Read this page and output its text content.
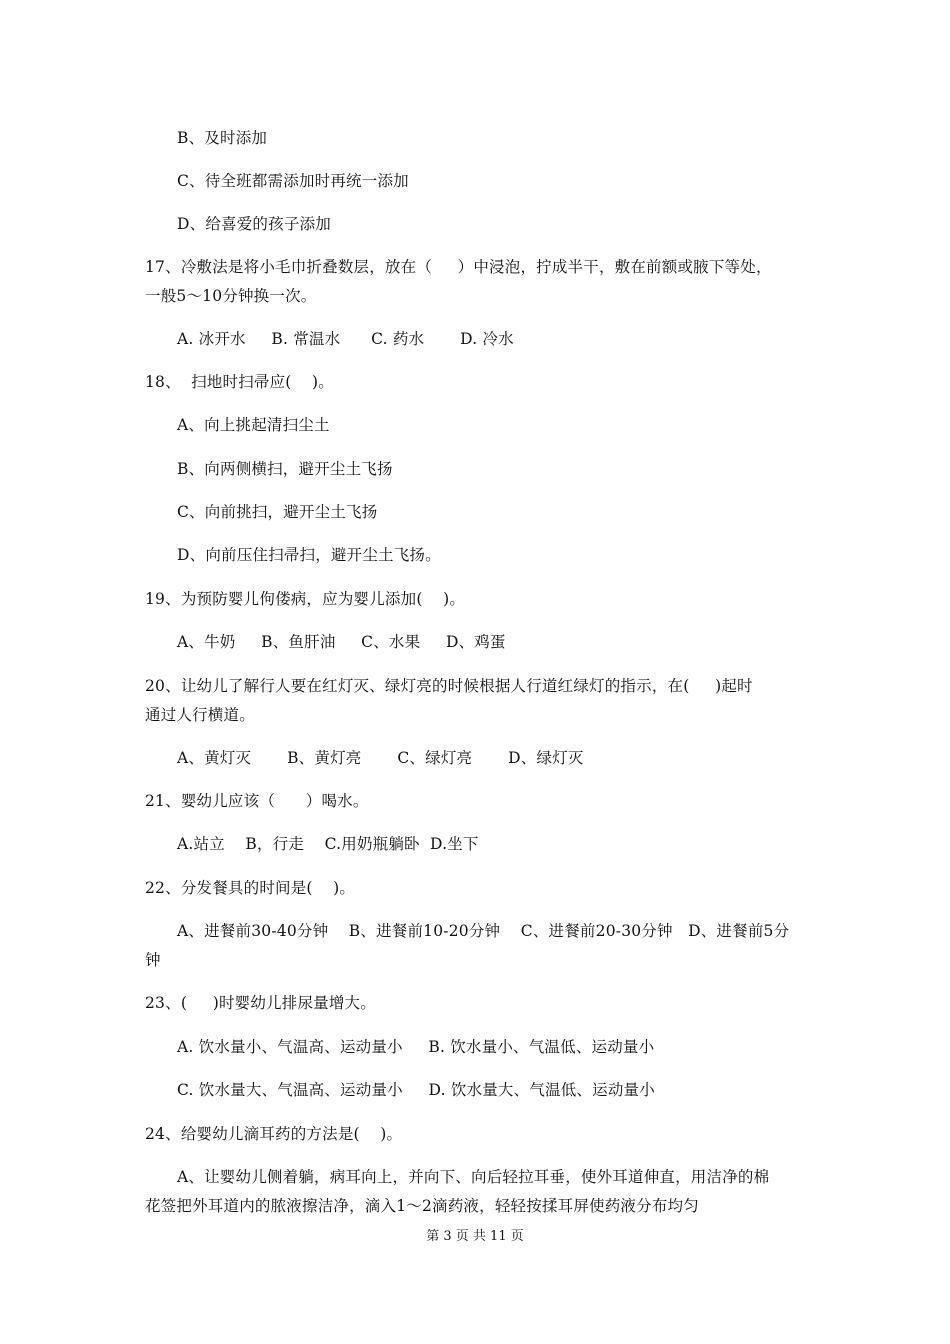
B、及时添加
C、待全班都需添加时再统一添加
D、给喜爱的孩子添加
17、冷敷法是将小毛巾折叠数层，放在（     ）中浸泡，拧成半干，敷在前额或腋下等处，
一般5～10分钟换一次。
A. 冰开水     B. 常温水      C. 药水       D. 冷水
18、  扫地时扫帚应(    )。
A、向上挑起清扫尘土
B、向两侧横扫，避开尘土飞扬
C、向前挑扫，避开尘土飞扬
D、向前压住扫帚扫，避开尘土飞扬。
19、为预防婴儿佝偻病，应为婴儿添加(    )。
A、牛奶     B、鱼肝油     C、水果     D、鸡蛋
20、让幼儿了解行人要在红灯灭、绿灯亮的时候根据人行道红绿灯的指示，在(     )起时
通过人行横道。
A、黄灯灭       B、黄灯亮       C、绿灯亮       D、绿灯灭
21、婴幼儿应该（      ）喝水。
A.站立    B，行走    C.用奶瓶躺卧  D.坐下
22、分发餐具的时间是(    )。
A、进餐前30-40分钟    B、进餐前10-20分钟    C、进餐前20-30分钟   D、进餐前5分
钟
23、(     )时婴幼儿排尿量增大。
A. 饮水量小、气温高、运动量小     B. 饮水量小、气温低、运动量小
C. 饮水量大、气温高、运动量小     D. 饮水量大、气温低、运动量小
24、给婴幼儿滴耳药的方法是(    )。
A、让婴幼儿侧着躺，病耳向上，并向下、向后轻拉耳垂，使外耳道伸直，用洁净的棉
花签把外耳道内的脓液擦洁净，滴入1～2滴药液，轻轻按揉耳屏使药液分布均匀
第 3 页 共 11 页
